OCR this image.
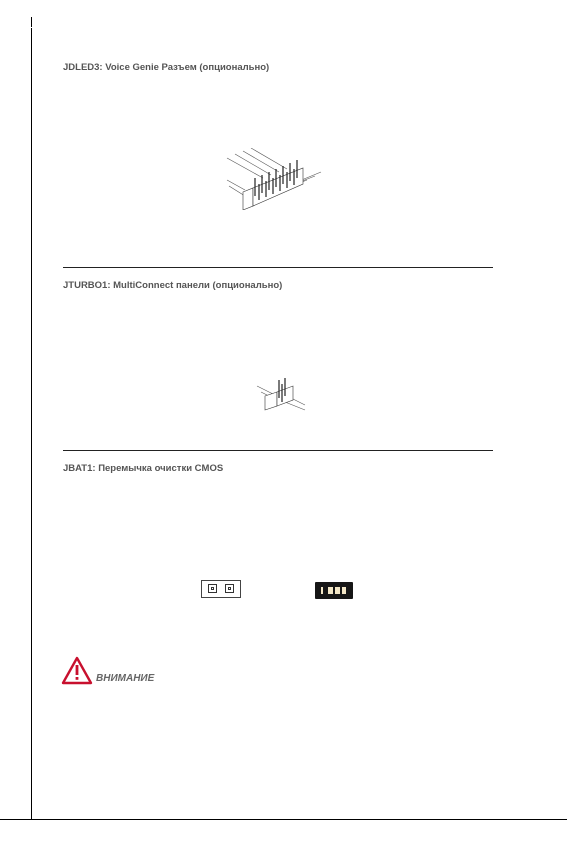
JDLED3: Voice Genie Разъем (опционально)
JTURBO1: MultiConnect панели (опционально)
JBAT1: Перемычка очистки CMOS
ВНИМАНИЕ
